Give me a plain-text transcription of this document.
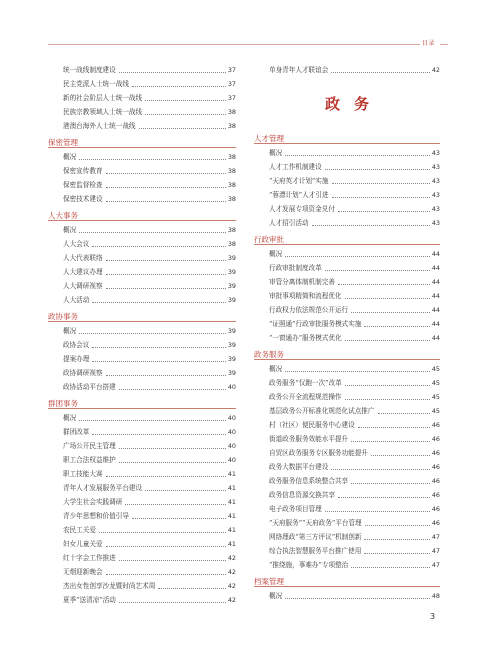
目录
统一战线制度建设	37
民主党派人士统一战线	37
新的社会阶层人士统一战线	37
民族宗教领域人士统一战线	38
港澳台海外人士统一战线	38
保密管理
概况	38
保密宣传教育	38
保密监督检查	38
保密技术建设	38
人大事务
概况	38
人大会议	38
人大代表联络	39
人大建议办理	39
人大调研视察	39
人大活动	39
政协事务
概况	39
政协会议	39
提案办理	39
政协调研视察	39
政协活动平台搭建	40
群团事务
概况	40
群团改革	40
广场公开民主管理	40
职工合法权益维护	40
职工技能大赛	41
青年人才发展服务平台建设	41
大学生社会实践调研	41
青少年思想和价值引导	41
农民工关爱	41
妇女儿童关爱	41
红十字会工作推进	42
无烟迎新晚会	42
杰出女性创享沙龙暨时尚艺术周	42
夏季“送清凉”活动	42
单身青年人才联谊会	42
政务
人才管理
概况	43
人才工作机制建设	43
“天府英才计划”实施	43
“蓉漂计划”人才引进	43
人才发展专项资金兑付	43
人才招引活动	43
行政审批
概况	44
行政审批制度改革	44
审管分离体制机制完善	44
审批事项精简和流程优化	44
行政权力依法规范公开运行	44
“证照通”行政审批服务模式实施	44
“一窗通办”服务模式优化	44
政务服务
概况	45
政务服务“仅跑一次”改革	45
政务公开全流程规范操作	45
基层政务公开标准化规范化试点推广	45
村（社区）便民服务中心建设	46
街道政务服务效能水平提升	46
自贸区政务服务专区服务功能提升	46
政务大数据平台建设	46
政务服务信息系统整合共享	46
政务信息资源交换共享	46
电子政务项目管理	46
“天府服务”“天府政务”平台管理	46
网络理政“第三方评议”机制创新	47
综合执法智慧服务平台推广使用	47
“推绕施，事难办”专项整治	47
档案管理
概况	48
3
